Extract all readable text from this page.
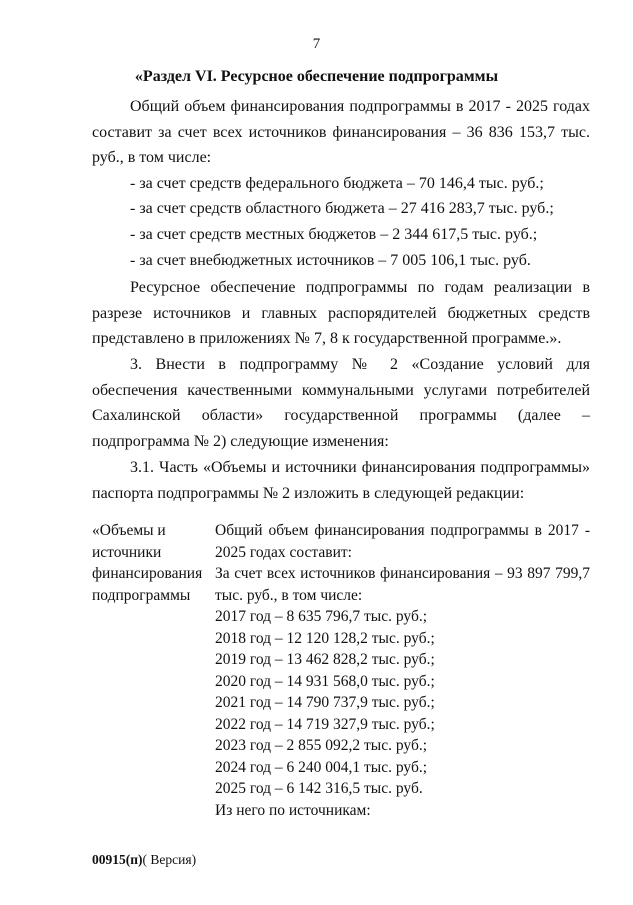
7
«Раздел VI. Ресурсное обеспечение подпрограммы

Общий объем финансирования подпрограммы в 2017 - 2025 годах составит за счет всех источников финансирования – 36 836 153,7 тыс. руб., в том числе:

- за счет средств федерального бюджета – 70 146,4 тыс. руб.;

- за счет средств областного бюджета – 27 416 283,7 тыс. руб.;

- за счет средств местных бюджетов – 2 344 617,5 тыс. руб.;

- за счет внебюджетных источников – 7 005 106,1 тыс. руб.

Ресурсное обеспечение подпрограммы по годам реализации в разрезе источников и главных распорядителей бюджетных средств представлено в приложениях № 7, 8 к государственной программе.».

3. Внести в подпрограмму № 2 «Создание условий для обеспечения качественными коммунальными услугами потребителей Сахалинской области» государственной программы (далее – подпрограмма № 2) следующие изменения:

3.1. Часть «Объемы и источники финансирования подпрограммы» паспорта подпрограммы № 2 изложить в следующей редакции:

«Объемы и
источники
финансирования
подпрограммы
Общий объем финансирования подпрограммы в 2017 - 2025 годах составит:
За счет всех источников финансирования – 93 897 799,7 тыс. руб., в том числе:
2017 год – 8 635 796,7 тыс. руб.;
2018 год – 12 120 128,2 тыс. руб.;
2019 год – 13 462 828,2 тыс. руб.;
2020 год – 14 931 568,0 тыс. руб.;
2021 год – 14 790 737,9 тыс. руб.;
2022 год – 14 719 327,9 тыс. руб.;
2023 год – 2 855 092,2 тыс. руб.;
2024 год – 6 240 004,1 тыс. руб.;
2025 год – 6 142 316,5 тыс. руб.
Из него по источникам:
00915(п)( Версия)
